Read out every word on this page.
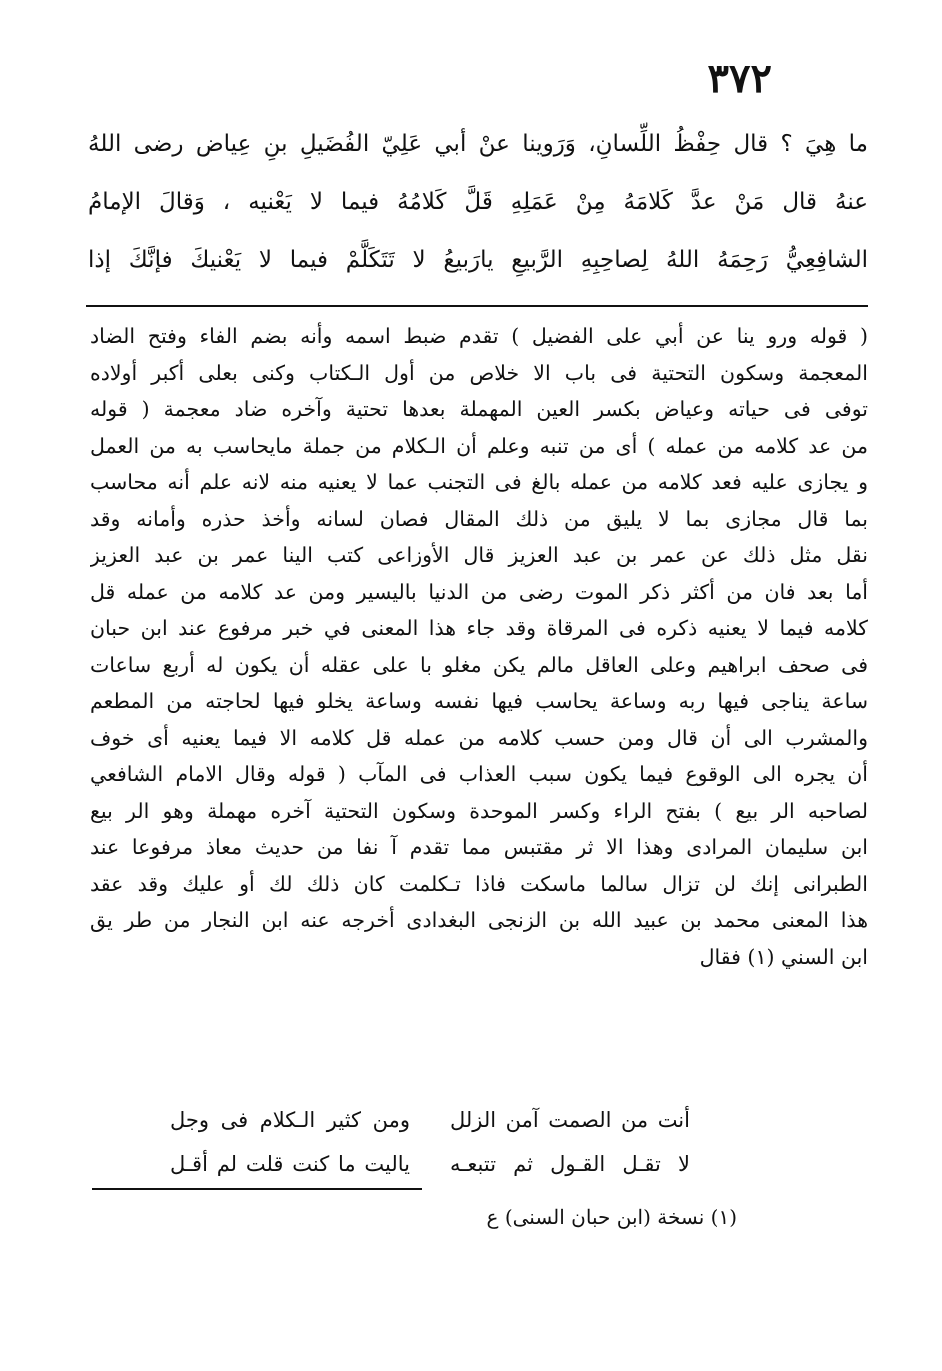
٣٧٢
ما هِيَ ؟ قال حِفْظُ اللِّسانِ، وَرَوينا عنْ أبي عَلِيّ الفُضَيلِ بنِ عِياض رضى اللهُ
عنهُ قال مَنْ عدَّ كَلامَهُ مِنْ عَمَلِهِ قَلَّ كَلامُهُ فيما لا يَعْنيه ، وَقالَ الإمامُ
الشافِعِيُّ رَحِمَهُ اللهُ لِصاحِبِهِ الرَّبيعِ يارَبيعُ لا تَتَكَلَّمْ فيما لا يَعْنيكَ فإنَّكَ إذا
( قوله ورو ينا عن أبي على الفضيل ) تقدم ضبط اسمه وأنه بضم الفاء وفتح الضاد
المعجمة وسكون التحتية فى باب الا خلاص من أول الـكتاب وكنى بعلى أكبر أولاده
توفى فى حياته وعياض بكسر العين المهملة بعدها تحتية وآخره ضاد معجمة ( قوله
من عد كلامه من عمله ) أى من تنبه وعلم أن الـكلام من جملة مايحاسب به من العمل
و يجازى عليه فعد كلامه من عمله بالغ فى التجنب عما لا يعنيه منه لانه علم أنه محاسب
بما قال مجازى بما لا يليق من ذلك المقال فصان لسانه وأخذ حذره وأمانه وقد
نقل مثل ذلك عن عمر بن عبد العزيز قال الأوزاعى كتب الينا عمر بن عبد العزيز
أما بعد فان من أكثر ذكر الموت رضى من الدنيا باليسير ومن عد كلامه من عمله قل
كلامه فيما لا يعنيه ذكره فى المرقاة وقد جاء هذا المعنى في خبر مرفوع عند ابن حبان
فى صحف ابراهيم وعلى العاقل مالم يكن مغلو با على عقله أن يكون له أربع ساعات
ساعة يناجى فيها ربه وساعة يحاسب فيها نفسه وساعة يخلو فيها لحاجته من المطعم
والمشرب الى أن قال ومن حسب كلامه من عمله قل كلامه الا فيما يعنيه أى خوف
أن يجره الى الوقوع فيما يكون سبب العذاب فى المآب ( قوله وقال الامام الشافعي
لصاحبه الر بيع ) بفتح الراء وكسر الموحدة وسكون التحتية آخره مهملة وهو الر بيع
ابن سليمان المرادى وهذا الا ثر مقتبس مما تقدم آ نفا من حديث معاذ مرفوعا عند
الطبرانى إنك لن تزال سالما ماسكت فاذا تـكلمت كان ذلك لك أو عليك وقد عقد
هذا المعنى محمد بن عبيد الله بن الزنجى البغدادى أخرجه عنه ابن النجار من طر يق
ابن السني (١) فقال
أنت من الصمت آمن الزلل
ومن كثير الـكلام فى وجل
لا تقـل القـول ثم تتبعـه
ياليت ما كنت قلت لم أقـل
(١) نسخة (ابن حبان السنى) ع
